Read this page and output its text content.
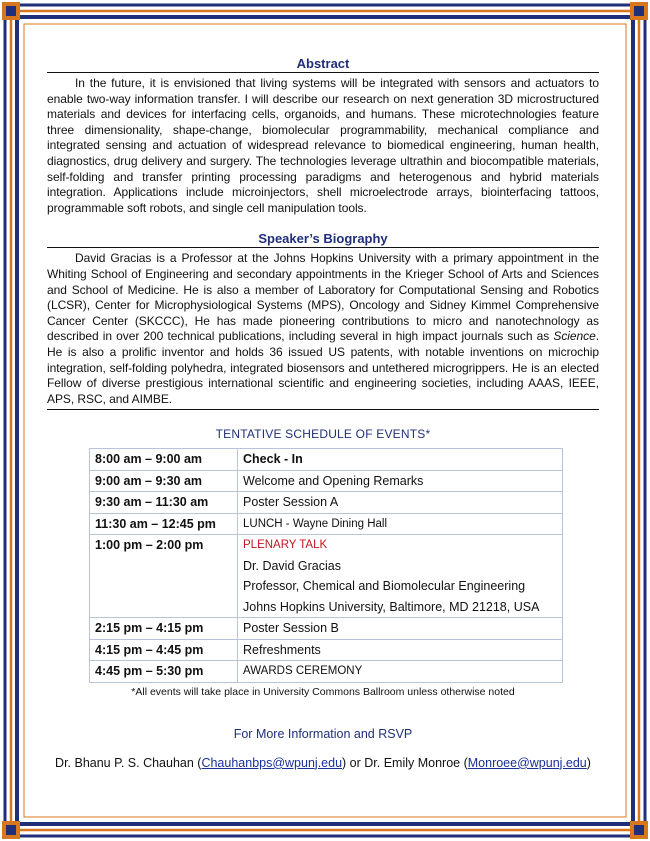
Abstract

In the future, it is envisioned that living systems will be integrated with sensors and actuators to enable two-way information transfer. I will describe our research on next generation 3D microstructured materials and devices for interfacing cells, organoids, and humans. These microtechnologies feature three dimensionality, shape-change, biomolecular programmability, mechanical compliance and integrated sensing and actuation of widespread relevance to biomedical engineering, human health, diagnostics, drug delivery and surgery. The technologies leverage ultrathin and biocompatible materials, self-folding and transfer printing processing paradigms and heterogenous and hybrid materials integration. Applications include microinjectors, shell microelectrode arrays, biointerfacing tattoos, programmable soft robots, and single cell manipulation tools.

Speaker’s Biography

David Gracias is a Professor at the Johns Hopkins University with a primary appointment in the Whiting School of Engineering and secondary appointments in the Krieger School of Arts and Sciences and School of Medicine. He is also a member of Laboratory for Computational Sensing and Robotics (LCSR), Center for Microphysiological Systems (MPS), Oncology and Sidney Kimmel Comprehensive Cancer Center (SKCCC), He has made pioneering contributions to micro and nanotechnology as described in over 200 technical publications, including several in high impact journals such as Science. He is also a prolific inventor and holds 36 issued US patents, with notable inventions on microchip integration, self-folding polyhedra, integrated biosensors and untethered microgrippers. He is an elected Fellow of diverse prestigious international scientific and engineering societies, including AAAS, IEEE, APS, RSC, and AIMBE.

TENTATIVE SCHEDULE OF EVENTS*
8:00 am – 9:00 am	Check - In
9:00 am – 9:30 am	Welcome and Opening Remarks
9:30 am – 11:30 am	Poster Session A
11:30 am – 12:45 pm	LUNCH - Wayne Dining Hall
1:00 pm – 2:00 pm	PLENARY TALK
Dr. David Gracias
Professor, Chemical and Biomolecular Engineering
Johns Hopkins University, Baltimore, MD 21218, USA

2:15 pm – 4:15 pm	Poster Session B
4:15 pm – 4:45 pm	Refreshments
4:45 pm – 5:30 pm	AWARDS CEREMONY
*All events will take place in University Commons Ballroom unless otherwise noted
For More Information and RSVP
Dr. Bhanu P. S. Chauhan (Chauhanbps@wpunj.edu) or Dr. Emily Monroe (Monroee@wpunj.edu)
